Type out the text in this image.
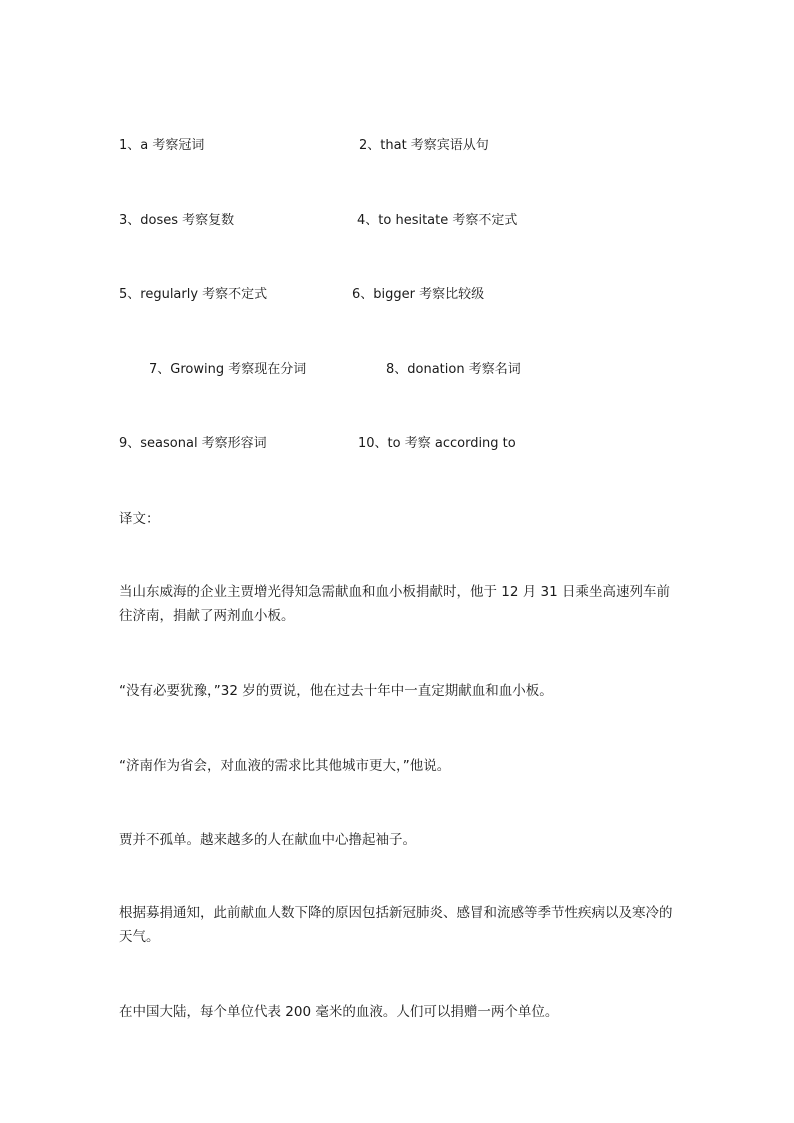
1、a 考察冠词	2、that 考察宾语从句
3、doses 考察复数	4、to hesitate 考察不定式
5、regularly 考察不定式	6、bigger 考察比较级
7、Growing 考察现在分词	8、donation 考察名词
9、seasonal 考察形容词	10、to 考察 according to
译文：
当山东威海的企业主贾增光得知急需献血和血小板捐献时，他于 12 月 31 日乘坐高速列车前往济南，捐献了两剂血小板。
“没有必要犹豫，”32 岁的贾说，他在过去十年中一直定期献血和血小板。
“济南作为省会，对血液的需求比其他城市更大，”他说。
贾并不孤单。越来越多的人在献血中心撸起袖子。
根据募捐通知，此前献血人数下降的原因包括新冠肺炎、感冒和流感等季节性疾病以及寒冷的天气。
在中国大陆，每个单位代表 200 毫米的血液。人们可以捐赠一两个单位。
